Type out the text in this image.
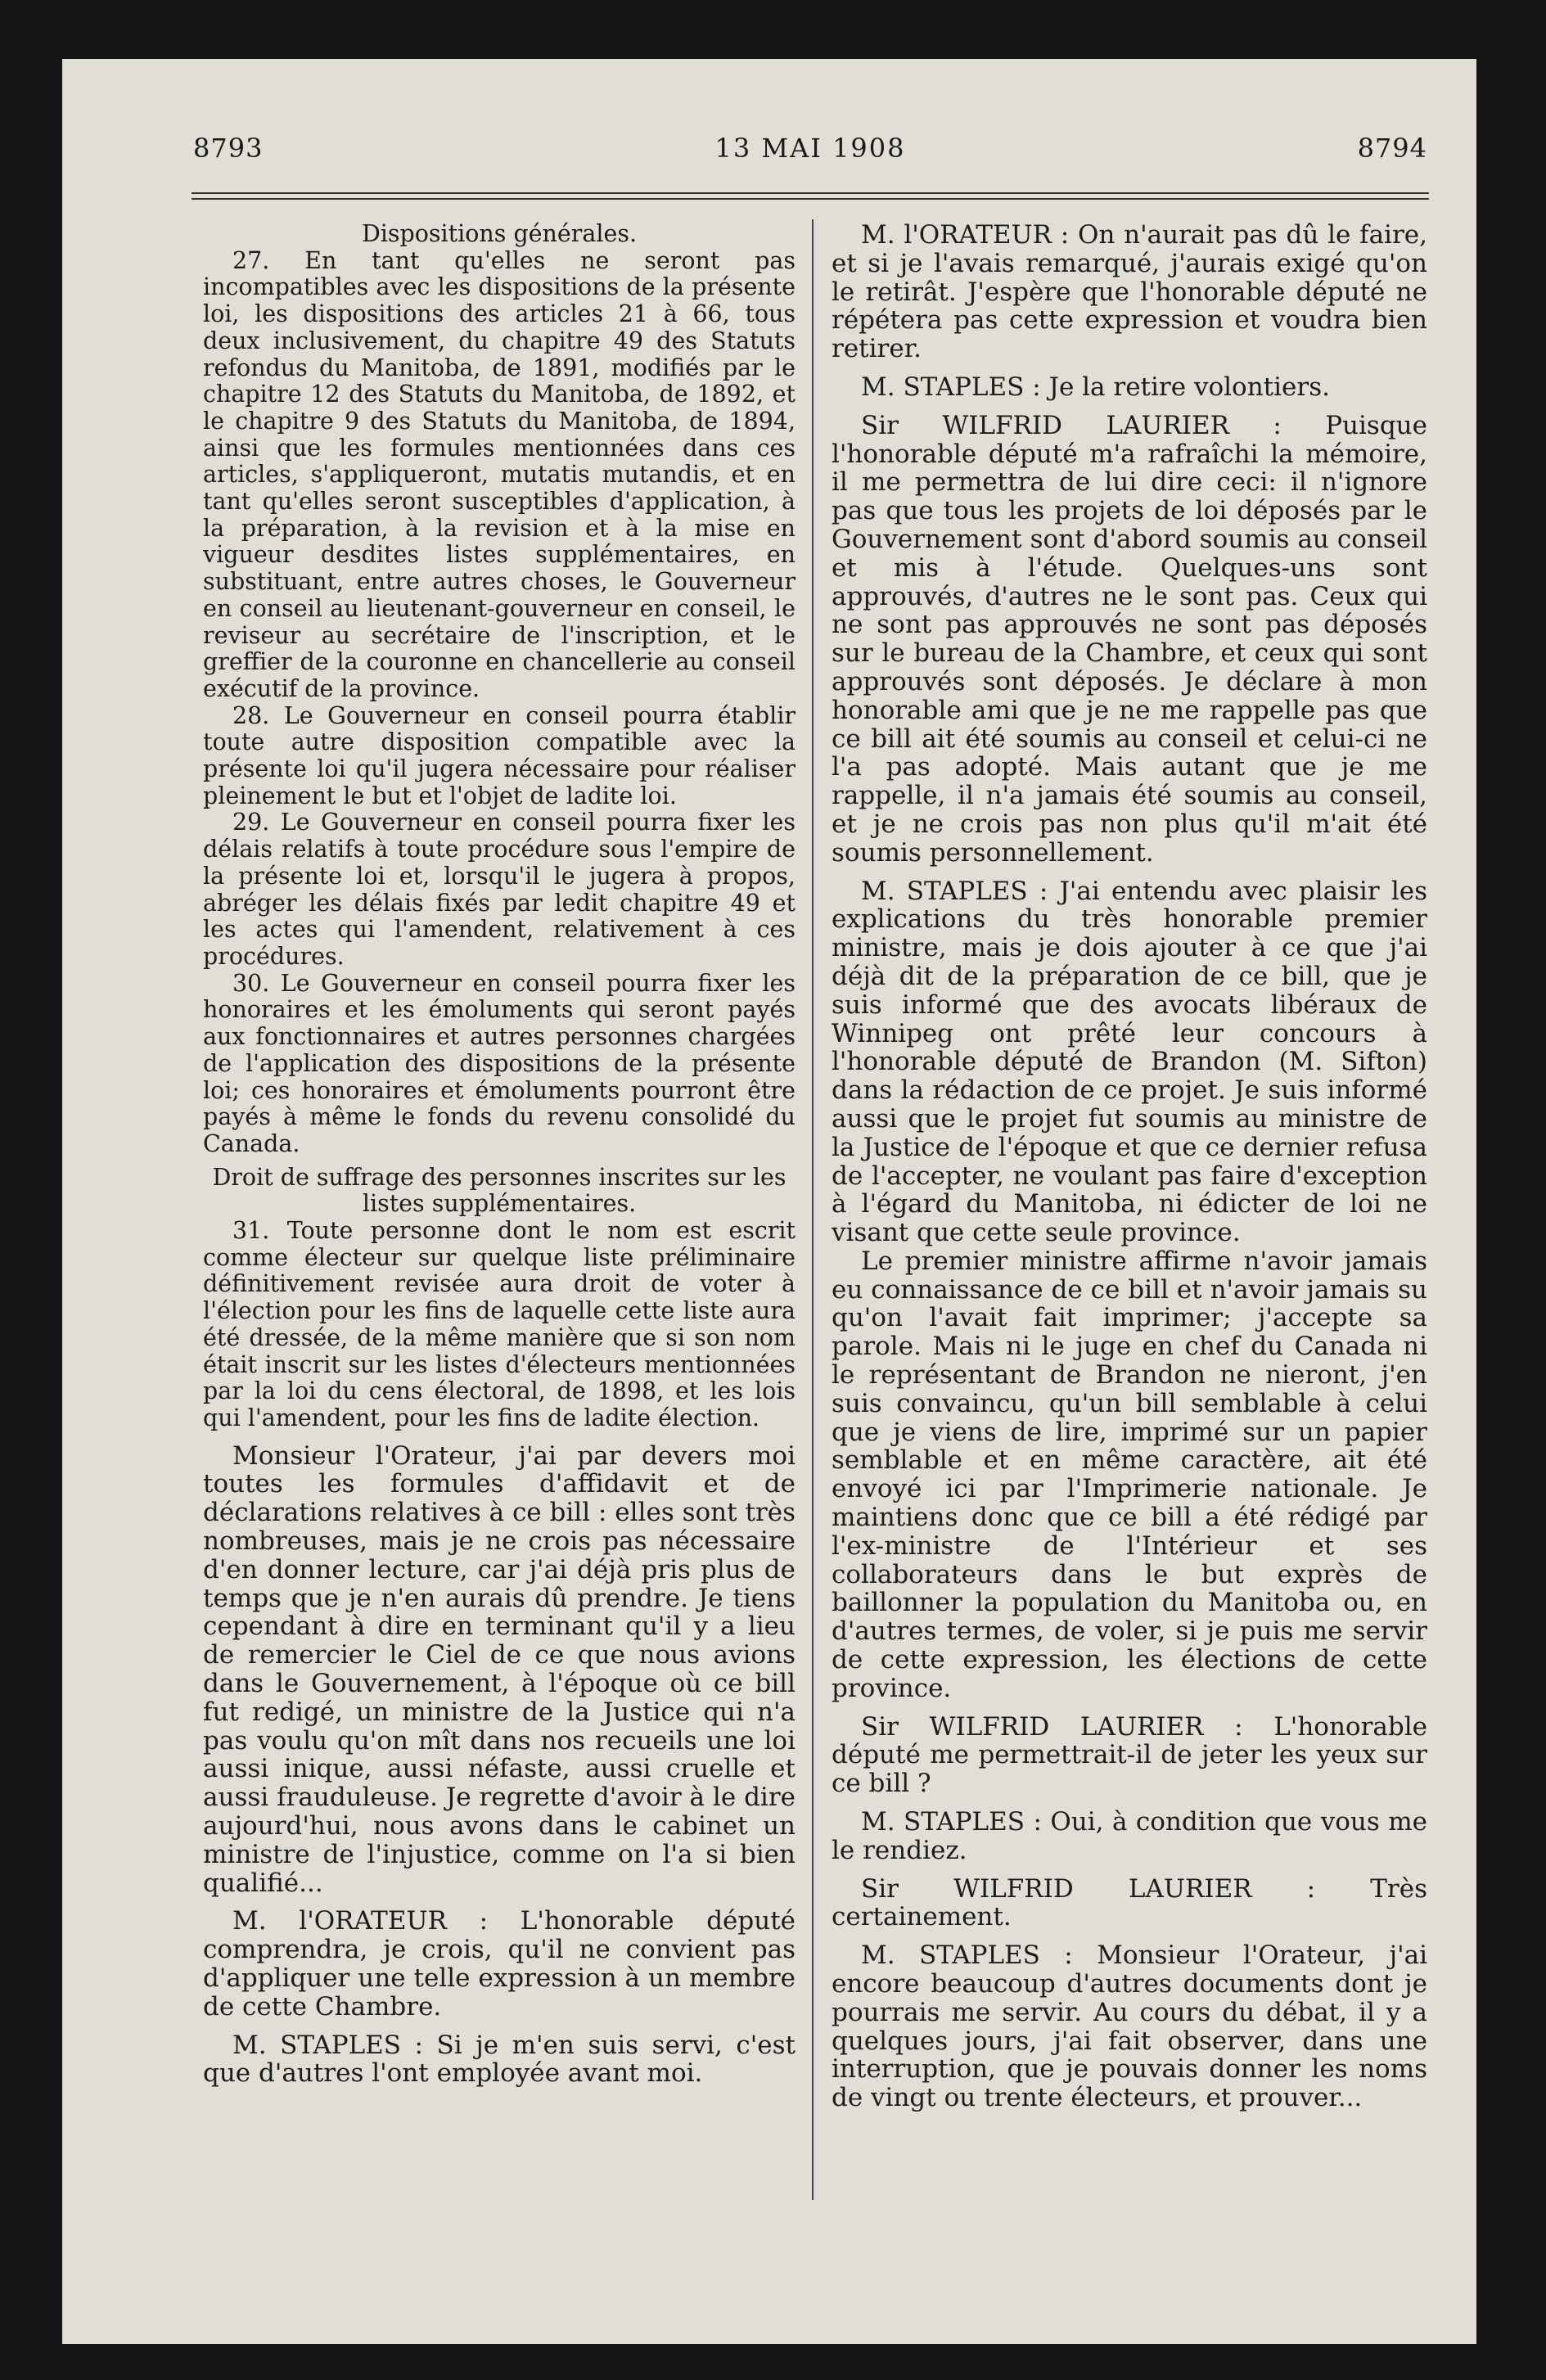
8793	13 MAI 1908	8794

Dispositions générales.

27. En tant qu'elles ne seront pas incompatibles avec les dispositions de la présente loi, les dispositions des articles 21 à 66, tous deux inclusivement, du chapitre 49 des Statuts refondus du Manitoba, de 1891, modifiés par le chapitre 12 des Statuts du Manitoba, de 1892, et le chapitre 9 des Statuts du Manitoba, de 1894, ainsi que les formules mentionnées dans ces articles, s'appliqueront, mutatis mutandis, et en tant qu'elles seront susceptibles d'application, à la préparation, à la revision et à la mise en vigueur desdites listes supplémentaires, en substituant, entre autres choses, le Gouverneur en conseil au lieutenant-gouverneur en conseil, le reviseur au secrétaire de l'inscription, et le greffier de la couronne en chancellerie au conseil exécutif de la province.

28. Le Gouverneur en conseil pourra établir toute autre disposition compatible avec la présente loi qu'il jugera nécessaire pour réaliser pleinement le but et l'objet de ladite loi.

29. Le Gouverneur en conseil pourra fixer les délais relatifs à toute procédure sous l'empire de la présente loi et, lorsqu'il le jugera à propos, abréger les délais fixés par ledit chapitre 49 et les actes qui l'amendent, relativement à ces procédures.

30. Le Gouverneur en conseil pourra fixer les honoraires et les émoluments qui seront payés aux fonctionnaires et autres personnes chargées de l'application des dispositions de la présente loi; ces honoraires et émoluments pourront être payés à même le fonds du revenu consolidé du Canada.

Droit de suffrage des personnes inscrites sur les listes supplémentaires.

31. Toute personne dont le nom est escrit comme électeur sur quelque liste préliminaire définitivement revisée aura droit de voter à l'élection pour les fins de laquelle cette liste aura été dressée, de la même manière que si son nom était inscrit sur les listes d'électeurs mentionnées par la loi du cens électoral, de 1898, et les lois qui l'amendent, pour les fins de ladite élection.

Monsieur l'Orateur, j'ai par devers moi toutes les formules d'affidavit et de déclarations relatives à ce bill : elles sont très nombreuses, mais je ne crois pas nécessaire d'en donner lecture, car j'ai déjà pris plus de temps que je n'en aurais dû prendre. Je tiens cependant à dire en terminant qu'il y a lieu de remercier le Ciel de ce que nous avions dans le Gouvernement, à l'époque où ce bill fut redigé, un ministre de la Justice qui n'a pas voulu qu'on mît dans nos recueils une loi aussi inique, aussi néfaste, aussi cruelle et aussi frauduleuse. Je regrette d'avoir à le dire aujourd'hui, nous avons dans le cabinet un ministre de l'injustice, comme on l'a si bien qualifié...

M. l'ORATEUR : L'honorable député comprendra, je crois, qu'il ne convient pas d'appliquer une telle expression à un membre de cette Chambre.

M. STAPLES : Si je m'en suis servi, c'est que d'autres l'ont employée avant moi.

M. l'ORATEUR : On n'aurait pas dû le faire, et si je l'avais remarqué, j'aurais exigé qu'on le retirât. J'espère que l'honorable député ne répétera pas cette expression et voudra bien retirer.

M. STAPLES : Je la retire volontiers.

Sir WILFRID LAURIER : Puisque l'honorable député m'a rafraîchi la mémoire, il me permettra de lui dire ceci: il n'ignore pas que tous les projets de loi déposés par le Gouvernement sont d'abord soumis au conseil et mis à l'étude. Quelques-uns sont approuvés, d'autres ne le sont pas. Ceux qui ne sont pas approuvés ne sont pas déposés sur le bureau de la Chambre, et ceux qui sont approuvés sont déposés. Je déclare à mon honorable ami que je ne me rappelle pas que ce bill ait été soumis au conseil et celui-ci ne l'a pas adopté. Mais autant que je me rappelle, il n'a jamais été soumis au conseil, et je ne crois pas non plus qu'il m'ait été soumis personnellement.

M. STAPLES : J'ai entendu avec plaisir les explications du très honorable premier ministre, mais je dois ajouter à ce que j'ai déjà dit de la préparation de ce bill, que je suis informé que des avocats libéraux de Winnipeg ont prêté leur concours à l'honorable député de Brandon (M. Sifton) dans la rédaction de ce projet. Je suis informé aussi que le projet fut soumis au ministre de la Justice de l'époque et que ce dernier refusa de l'accepter, ne voulant pas faire d'exception à l'égard du Manitoba, ni édicter de loi ne visant que cette seule province.

Le premier ministre affirme n'avoir jamais eu connaissance de ce bill et n'avoir jamais su qu'on l'avait fait imprimer; j'accepte sa parole. Mais ni le juge en chef du Canada ni le représentant de Brandon ne nieront, j'en suis convaincu, qu'un bill semblable à celui que je viens de lire, imprimé sur un papier semblable et en même caractère, ait été envoyé ici par l'Imprimerie nationale. Je maintiens donc que ce bill a été rédigé par l'ex-ministre de l'Intérieur et ses collaborateurs dans le but exprès de baillonner la population du Manitoba ou, en d'autres termes, de voler, si je puis me servir de cette expression, les élections de cette province.

Sir WILFRID LAURIER : L'honorable député me permettrait-il de jeter les yeux sur ce bill ?

M. STAPLES : Oui, à condition que vous me le rendiez.

Sir WILFRID LAURIER : Très certainement.

M. STAPLES : Monsieur l'Orateur, j'ai encore beaucoup d'autres documents dont je pourrais me servir. Au cours du débat, il y a quelques jours, j'ai fait observer, dans une interruption, que je pouvais donner les noms de vingt ou trente électeurs, et prouver...
